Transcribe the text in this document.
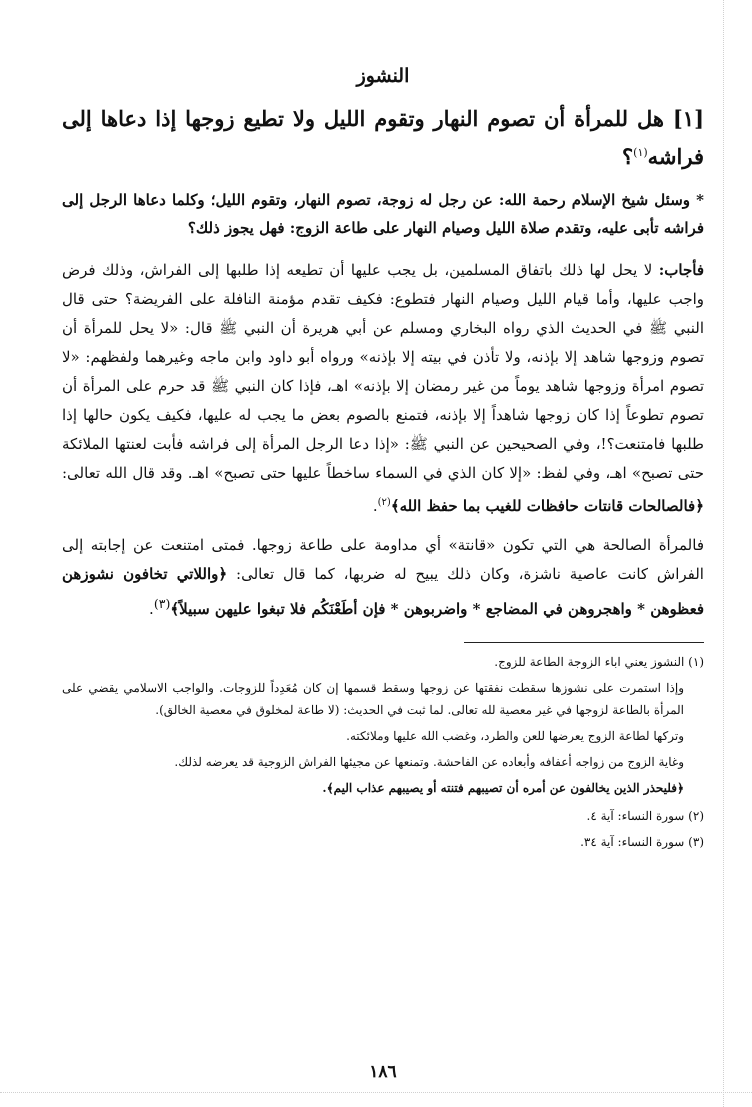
النشوز
[١] هل للمرأة أن تصوم النهار وتقوم الليل ولا تطيع زوجها إذا دعاها إلى فراشه$^{(١)}$؟
* وسئل شيخ الإسلام رحمة الله: عن رجل له زوجة، تصوم النهار، وتقوم الليل؛ وكلما دعاها الرجل إلى فراشه تأبى عليه، وتقدم صلاة الليل وصيام النهار على طاعة الزوج: فهل يجوز ذلك؟
فأجاب: لا يحل لها ذلك باتفاق المسلمين، بل يجب عليها أن تطيعه إذا طلبها إلى الفراش، وذلك فرض واجب عليها، وأما قيام الليل وصيام النهار فتطوع: فكيف تقدم مؤمنة النافلة على الفريضة؟ حتى قال النبي ﷺ في الحديث الذي رواه البخاري ومسلم عن أبي هريرة أن النبي ﷺ قال: «لا يحل للمرأة أن تصوم وزوجها شاهد إلا بإذنه، ولا تأذن في بيته إلا بإذنه» ورواه أبو داود وابن ماجه وغيرهما ولفظهم: «لا تصوم امرأة وزوجها شاهد يوماً من غير رمضان إلا بإذنه» اهـ، فإذا كان النبي ﷺ قد حرم على المرأة أن تصوم تطوعاً إذا كان زوجها شاهداً إلا بإذنه، فتمنع بالصوم بعض ما يجب له عليها، فكيف يكون حالها إذا طلبها فامتنعت؟!، وفي الصحيحين عن النبي ﷺ: «إذا دعا الرجل المرأة إلى فراشه فأبت لعنتها الملائكة حتى تصبح» اهـ، وفي لفظ: «إلا كان الذي في السماء ساخطاً عليها حتى تصبح» اهـ. وقد قال الله تعالى: ﴿فالصالحات قانتات حافظات للغيب بما حفظ الله﴾$^{(٢)}$.
فالمرأة الصالحة هي التي تكون «قانتة» أي مداومة على طاعة زوجها. فمتى امتنعت عن إجابته إلى الفراش كانت عاصية ناشزة، وكان ذلك يبيح له ضربها، كما قال تعالى: ﴿واللاتي تخافون نشوزهن فعظوهن * واهجروهن في المضاجع * واضربوهن * فإن أطَعْنَكُم فلا تبغوا عليهن سبيلاً﴾$^{(٣)}$.
(١) النشوز يعني اباء الزوجة الطاعة للزوج.
وإذا استمرت على نشوزها سقطت نفقتها عن زوجها وسقط قسمها إن كان مُعَدِداً للزوجات. والواجب الاسلامي يقضي على المرأة بالطاعة لزوجها في غير معصية لله تعالى. لما ثبت في الحديث: (لا طاعة لمخلوق في معصية الخالق).
وتركها لطاعة الزوج يعرضها للعن والطرد، وغضب الله عليها وملائكته.
وغاية الزوج من زواجه أعفافه وأبعاده عن الفاحشة. وتمنعها عن مجيئها الفراش الزوجية قد يعرضه لذلك.
﴿فليحذر الذين يخالفون عن أمره أن تصيبهم فتنته أو يصيبهم عذاب اليم﴾.
(٢) سورة النساء: آية ٤.
(٣) سورة النساء: آية ٣٤.
١٨٦
